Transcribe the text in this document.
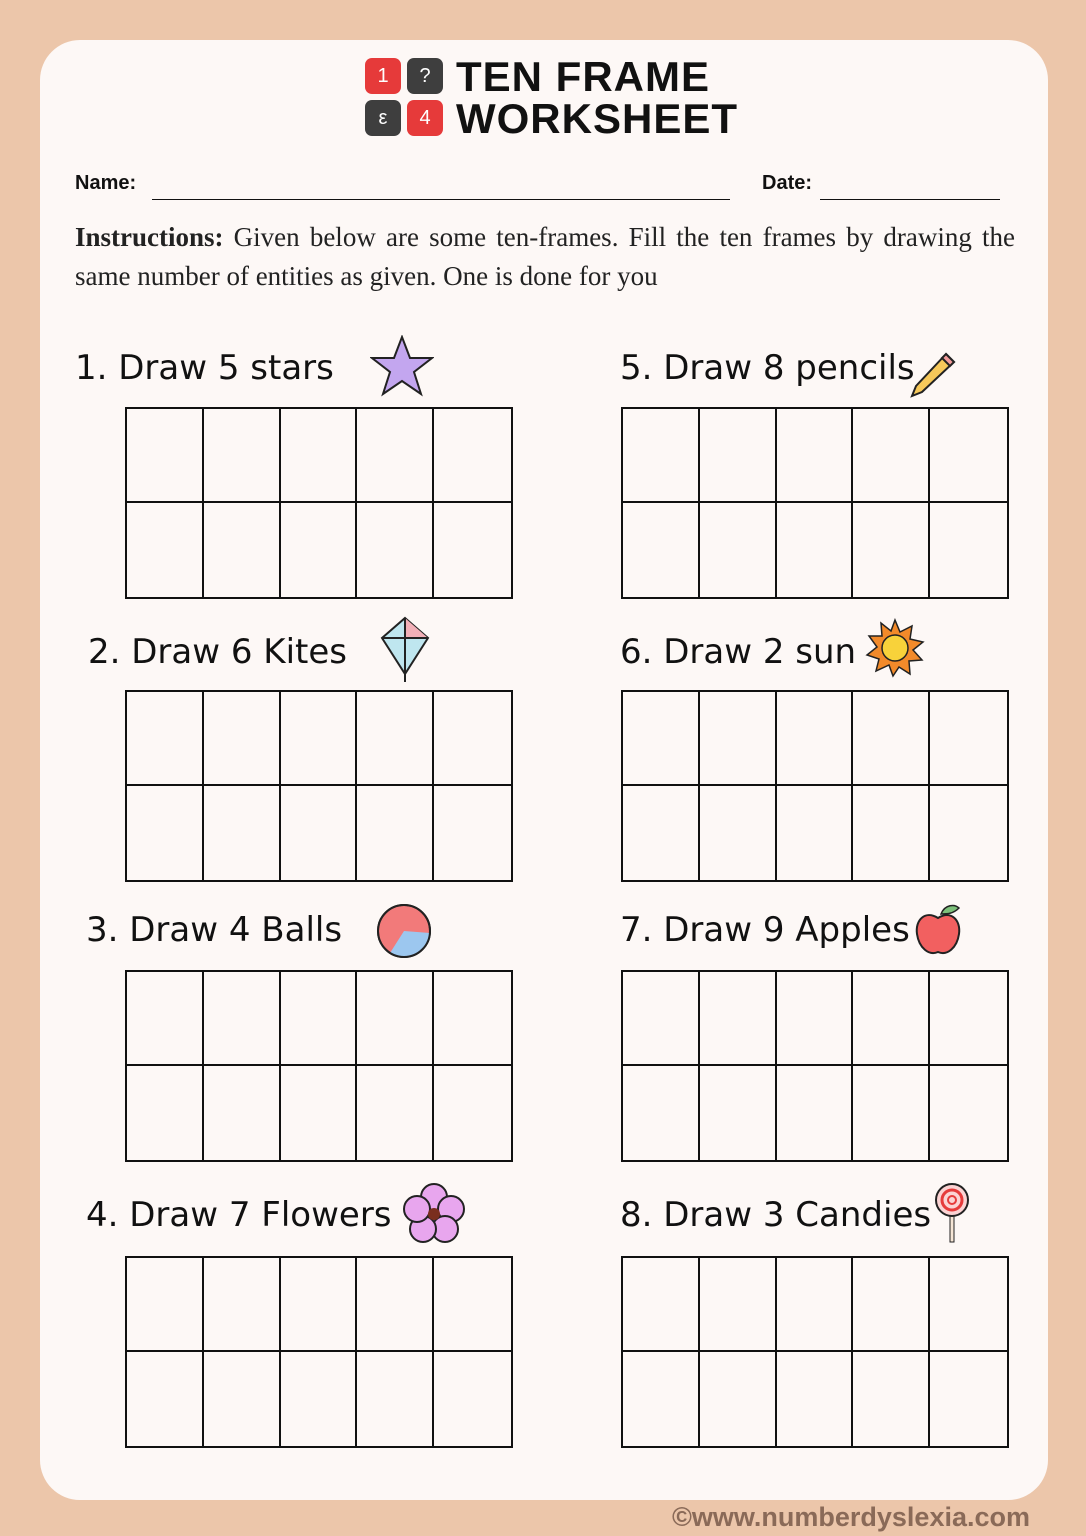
1	?
ε	4
TEN FRAME
WORKSHEET
Name:	Date:
Instructions: Given below are some ten-frames. Fill the ten frames by drawing the same number of entities as given. One is done for you
1. Draw 5 stars
2. Draw 6 Kites
3. Draw 4 Balls
4. Draw 7 Flowers
5. Draw 8 pencils
6. Draw 2 sun
7. Draw 9 Apples
8. Draw 3 Candies
©www.numberdyslexia.com
